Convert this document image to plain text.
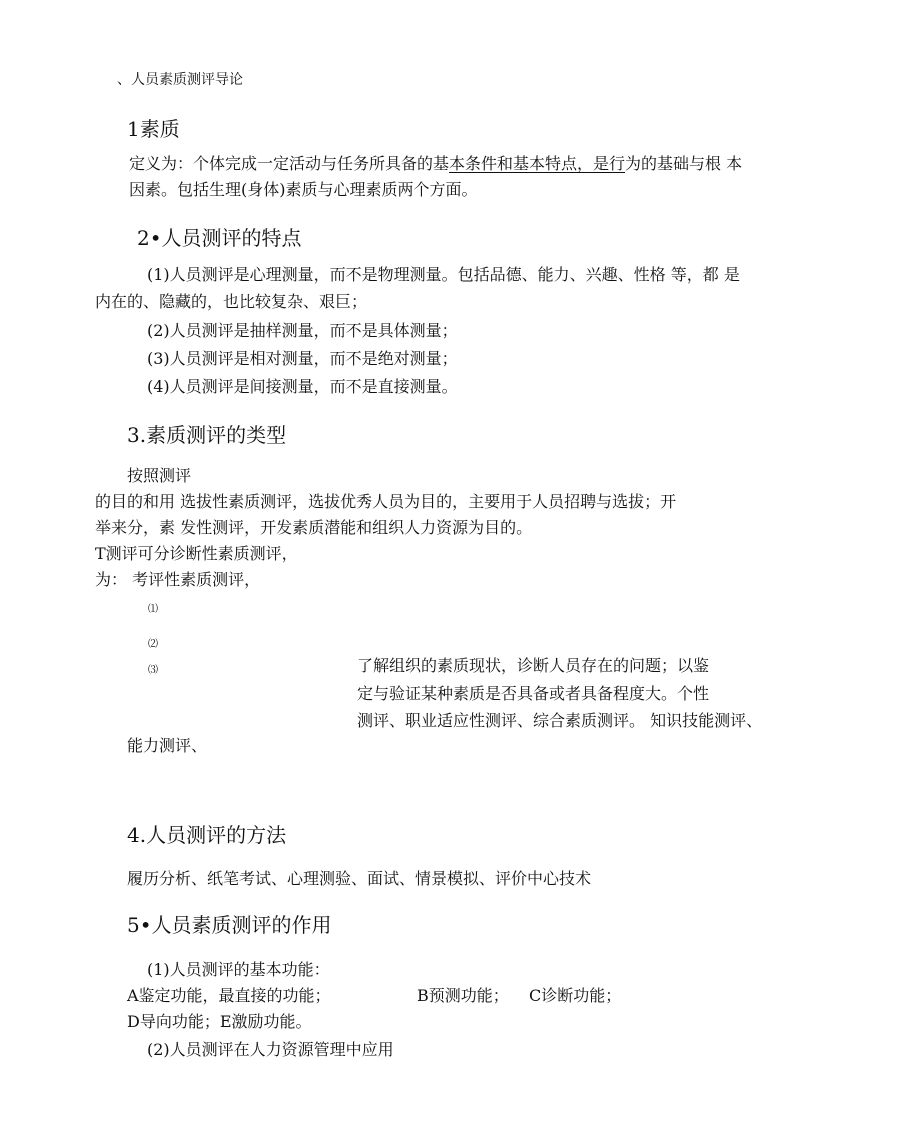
、人员素质测评导论
1素质
定义为：个体完成一定活动与任务所具备的基本条件和基本特点，是行为的基础与根 本
因素。包括生理(身体)素质与心理素质两个方面。
2•人员测评的特点
(1)人员测评是心理测量，而不是物理测量。包括品德、能力、兴趣、性格 等，都 是
内在的、隐藏的，也比较复杂、艰巨；
(2)人员测评是抽样测量，而不是具体测量；
(3)人员测评是相对测量，而不是绝对测量；
(4)人员测评是间接测量，而不是直接测量。
3.素质测评的类型
按照测评
的目的和用 选拔性素质测评，选拔优秀人员为目的，主要用于人员招聘与选拔；开
举来分，素 发性测评，开发素质潜能和组织人力资源为目的。
T测评可分诊断性素质测评，
为： 考评性素质测评，
⑴
⑵
⑶	了解组织的素质现状，诊断人员存在的问题；以鉴
定与验证某种素质是否具备或者具备程度大。个性
测评、职业适应性测评、综合素质测评。 知识技能测评、
能力测评、
4.人员测评的方法
履历分析、纸笔考试、心理测验、面试、情景模拟、评价中心技术
5•人员素质测评的作用
(1)人员测评的基本功能：
A鉴定功能，最直接的功能；	B预测功能； C诊断功能；
D导向功能；E激励功能。
(2)人员测评在人力资源管理中应用
